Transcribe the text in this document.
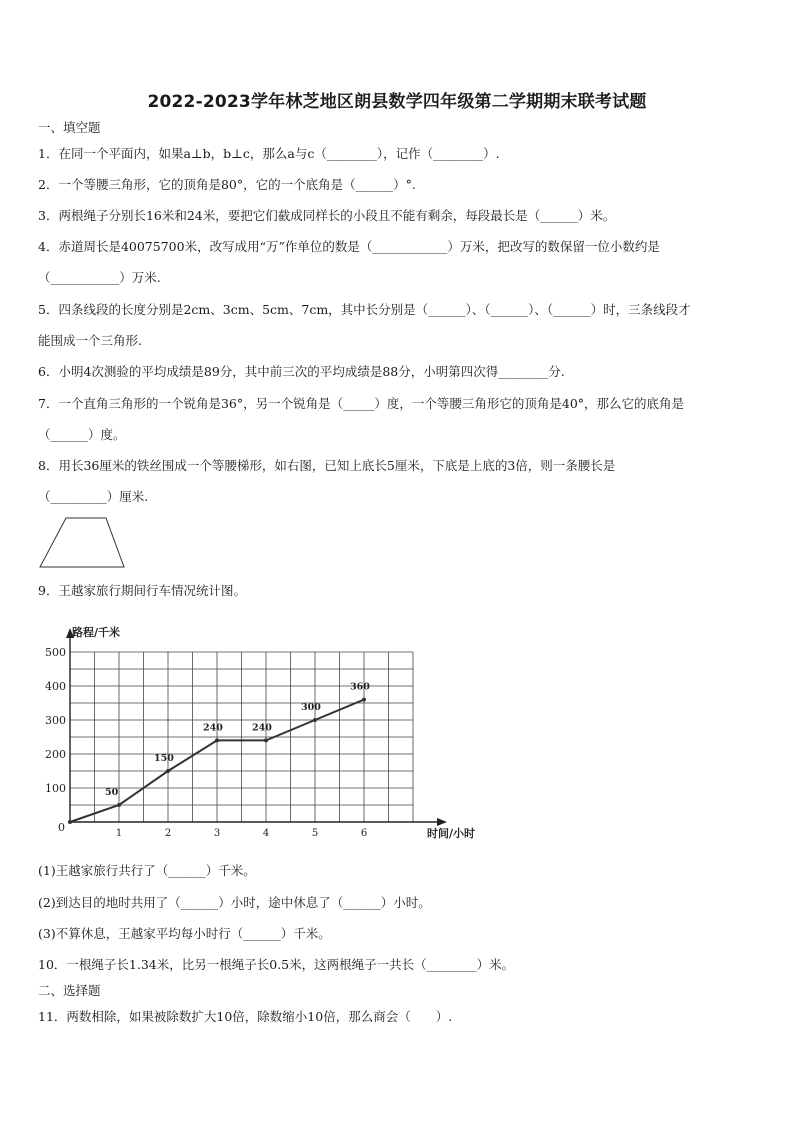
2022-2023学年林芝地区朗县数学四年级第二学期期末联考试题
一、填空题
1．在同一个平面内，如果a⊥b，b⊥c，那么a与c（________），记作（________）.
2．一个等腰三角形，它的顶角是80°，它的一个底角是（______）°.
3．两根绳子分别长16米和24米，要把它们截成同样长的小段且不能有剩余，每段最长是（______）米。
4．赤道周长是40075700米，改写成用“万”作单位的数是（____________）万米，把改写的数保留一位小数约是
（___________）万米.
5．四条线段的长度分别是2cm、3cm、5cm、7cm，其中长分别是（______）、（______）、（______）时，三条线段才
能围成一个三角形.
6．小明4次测验的平均成绩是89分，其中前三次的平均成绩是88分，小明第四次得________分.
7．一个直角三角形的一个锐角是36°，另一个锐角是（_____）度，一个等腰三角形它的顶角是40°，那么它的底角是
（______）度。
8．用长36厘米的铁丝围成一个等腰梯形，如右图，已知上底长5厘米，下底是上底的3倍，则一条腰长是
（_________）厘米.
9．王越家旅行期间行车情况统计图。
路程/千米
时间/小时
0
100
200
300
400
500
1	2	3	4	5	6
50
150
240	240
300
360
(1)王越家旅行共行了（______）千米。
(2)到达目的地时共用了（______）小时，途中休息了（______）小时。
(3)不算休息，王越家平均每小时行（______）千米。
10．一根绳子长1.34米，比另一根绳子长0.5米，这两根绳子一共长（________）米。
二、选择题
11．两数相除，如果被除数扩大10倍，除数缩小10倍，那么商会（　　）.
